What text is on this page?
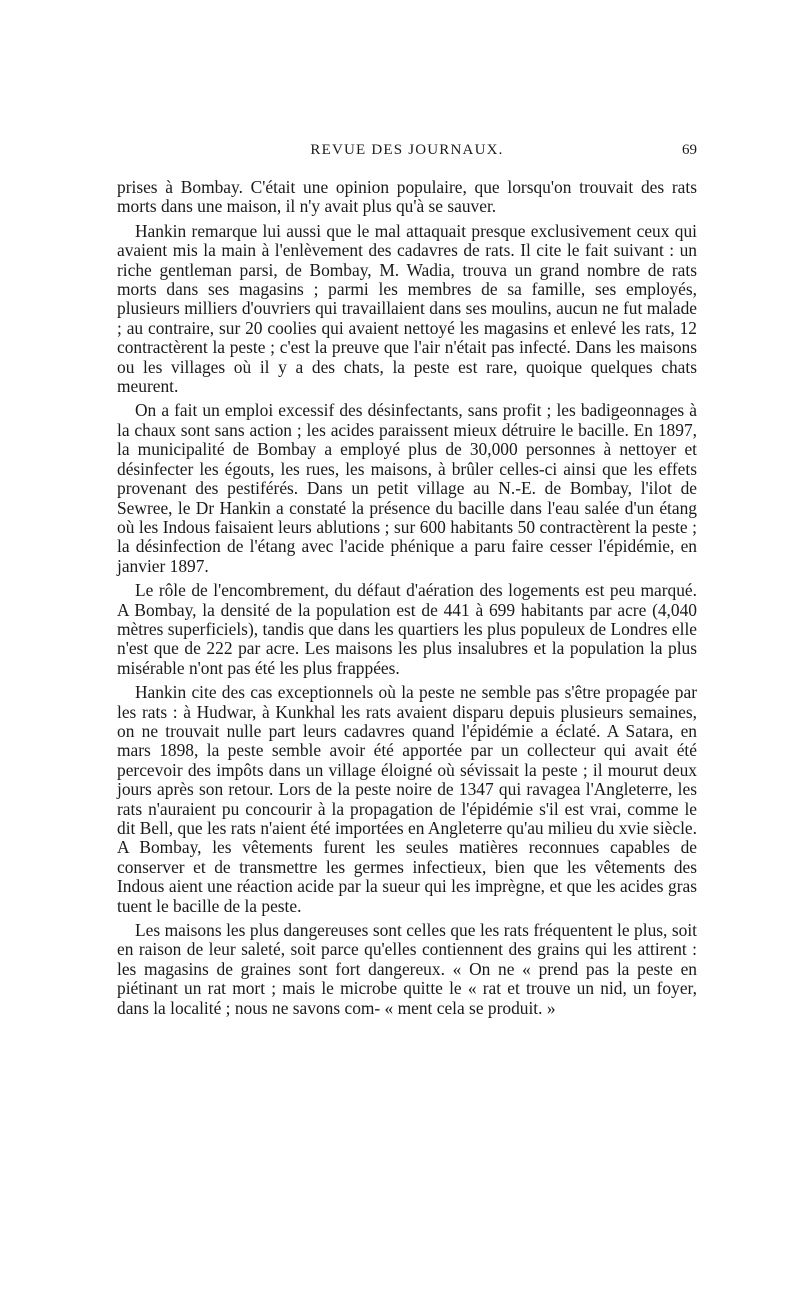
REVUE DES JOURNAUX.	69

prises à Bombay. C'était une opinion populaire, que lorsqu'on trouvait des rats morts dans une maison, il n'y avait plus qu'à se sauver.

Hankin remarque lui aussi que le mal attaquait presque exclusivement ceux qui avaient mis la main à l'enlèvement des cadavres de rats. Il cite le fait suivant : un riche gentleman parsi, de Bombay, M. Wadia, trouva un grand nombre de rats morts dans ses magasins ; parmi les membres de sa famille, ses employés, plusieurs milliers d'ouvriers qui travaillaient dans ses moulins, aucun ne fut malade ; au contraire, sur 20 coolies qui avaient nettoyé les magasins et enlevé les rats, 12 contractèrent la peste ; c'est la preuve que l'air n'était pas infecté. Dans les maisons ou les villages où il y a des chats, la peste est rare, quoique quelques chats meurent.

On a fait un emploi excessif des désinfectants, sans profit ; les badigeonnages à la chaux sont sans action ; les acides paraissent mieux détruire le bacille. En 1897, la municipalité de Bombay a employé plus de 30,000 personnes à nettoyer et désinfecter les égouts, les rues, les maisons, à brûler celles-ci ainsi que les effets provenant des pestiférés. Dans un petit village au N.-E. de Bombay, l'ilot de Sewree, le Dr Hankin a constaté la présence du bacille dans l'eau salée d'un étang où les Indous faisaient leurs ablutions ; sur 600 habitants 50 contractèrent la peste ; la désinfection de l'étang avec l'acide phénique a paru faire cesser l'épidémie, en janvier 1897.

Le rôle de l'encombrement, du défaut d'aération des logements est peu marqué. A Bombay, la densité de la population est de 441 à 699 habitants par acre (4,040 mètres superficiels), tandis que dans les quartiers les plus populeux de Londres elle n'est que de 222 par acre. Les maisons les plus insalubres et la population la plus misérable n'ont pas été les plus frappées.

Hankin cite des cas exceptionnels où la peste ne semble pas s'être propagée par les rats : à Hudwar, à Kunkhal les rats avaient disparu depuis plusieurs semaines, on ne trouvait nulle part leurs cadavres quand l'épidémie a éclaté. A Satara, en mars 1898, la peste semble avoir été apportée par un collecteur qui avait été percevoir des impôts dans un village éloigné où sévissait la peste ; il mourut deux jours après son retour. Lors de la peste noire de 1347 qui ravagea l'Angleterre, les rats n'auraient pu concourir à la propagation de l'épidémie s'il est vrai, comme le dit Bell, que les rats n'aient été importées en Angleterre qu'au milieu du xvie siècle. A Bombay, les vêtements furent les seules matières reconnues capables de conserver et de transmettre les germes infectieux, bien que les vêtements des Indous aient une réaction acide par la sueur qui les imprègne, et que les acides gras tuent le bacille de la peste.

Les maisons les plus dangereuses sont celles que les rats fréquentent le plus, soit en raison de leur saleté, soit parce qu'elles contiennent des grains qui les attirent : les magasins de graines sont fort dangereux. « On ne « prend pas la peste en piétinant un rat mort ; mais le microbe quitte le « rat et trouve un nid, un foyer, dans la localité ; nous ne savons com- « ment cela se produit. »
